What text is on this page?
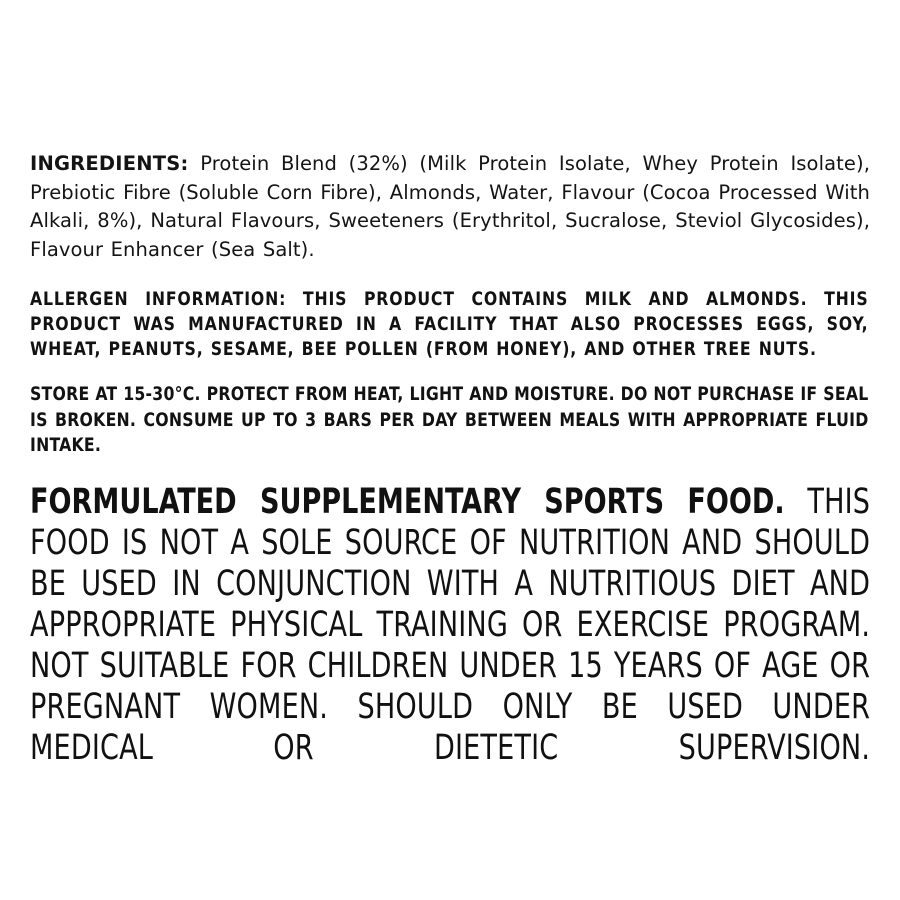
INGREDIENTS: Protein Blend (32%) (Milk Protein Isolate, Whey Protein Isolate), Prebiotic Fibre (Soluble Corn Fibre), Almonds, Water, Flavour (Cocoa Processed With Alkali, 8%), Natural Flavours, Sweeteners (Erythritol, Sucralose, Steviol Glycosides), Flavour Enhancer (Sea Salt).

ALLERGEN INFORMATION: THIS PRODUCT CONTAINS MILK AND ALMONDS. THIS PRODUCT WAS MANUFACTURED IN A FACILITY THAT ALSO PROCESSES EGGS, SOY, WHEAT, PEANUTS, SESAME, BEE POLLEN (FROM HONEY), AND OTHER TREE NUTS.

STORE AT 15-30°C. PROTECT FROM HEAT, LIGHT AND MOISTURE. DO NOT PURCHASE IF SEAL IS BROKEN. CONSUME UP TO 3 BARS PER DAY BETWEEN MEALS WITH APPROPRIATE FLUID INTAKE.

FORMULATED SUPPLEMENTARY SPORTS FOOD. THIS FOOD IS NOT A SOLE SOURCE OF NUTRITION AND SHOULD BE USED IN CONJUNCTION WITH A NUTRITIOUS DIET AND APPROPRIATE PHYSICAL TRAINING OR EXERCISE PROGRAM. NOT SUITABLE FOR CHILDREN UNDER 15 YEARS OF AGE OR PREGNANT WOMEN. SHOULD ONLY BE USED UNDER MEDICAL OR DIETETIC SUPERVISION.
